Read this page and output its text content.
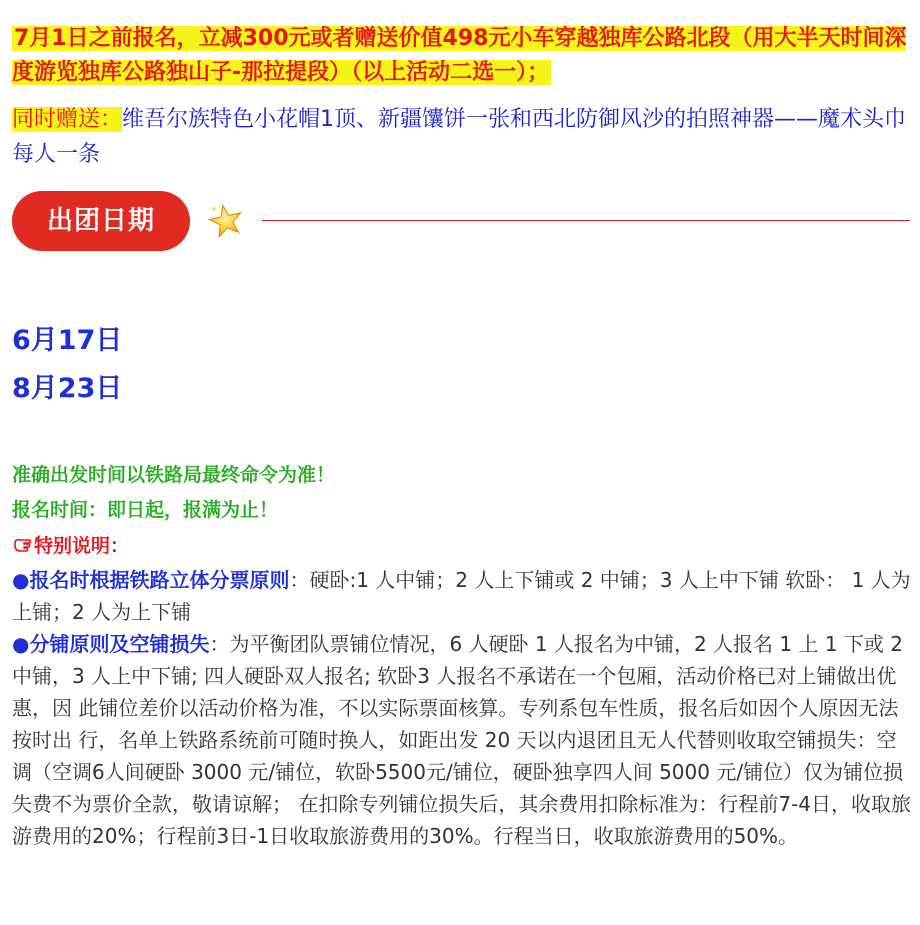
7月1日之前报名，立减300元或者赠送价值498元小车穿越独库公路北段（用大半天时间深度游览独库公路独山子-那拉提段）（以上活动二选一）；
同时赠送：维吾尔族特色小花帽1顶、新疆馕饼一张和西北防御风沙的拍照神器——魔术头巾每人一条
出团日期
6月17日
8月23日
准确出发时间以铁路局最终命令为准！
报名时间：即日起，报满为止！
特别说明：
●报名时根据铁路立体分票原则：硬卧:1 人中铺；2 人上下铺或 2 中铺；3 人上中下铺 软卧： 1 人为上铺；2 人为上下铺
●分铺原则及空铺损失：为平衡团队票铺位情况，6 人硬卧 1 人报名为中铺，2 人报名 1 上 1 下或 2 中铺，3 人上中下铺; 四人硬卧双人报名; 软卧3 人报名不承诺在一个包厢，活动价格已对上铺做出优惠，因 此铺位差价以活动价格为准，不以实际票面核算。专列系包车性质，报名后如因个人原因无法按时出 行，名单上铁路系统前可随时换人，如距出发 20 天以内退团且无人代替则收取空铺损失：空调（空调6人间硬卧 3000 元/铺位，软卧5500元/铺位，硬卧独享四人间 5000 元/铺位）仅为铺位损失费不为票价全款，敬请谅解； 在扣除专列铺位损失后，其余费用扣除标准为：行程前7-4日，收取旅游费用的20%；行程前3日-1日收取旅游费用的30%。行程当日，收取旅游费用的50%。
